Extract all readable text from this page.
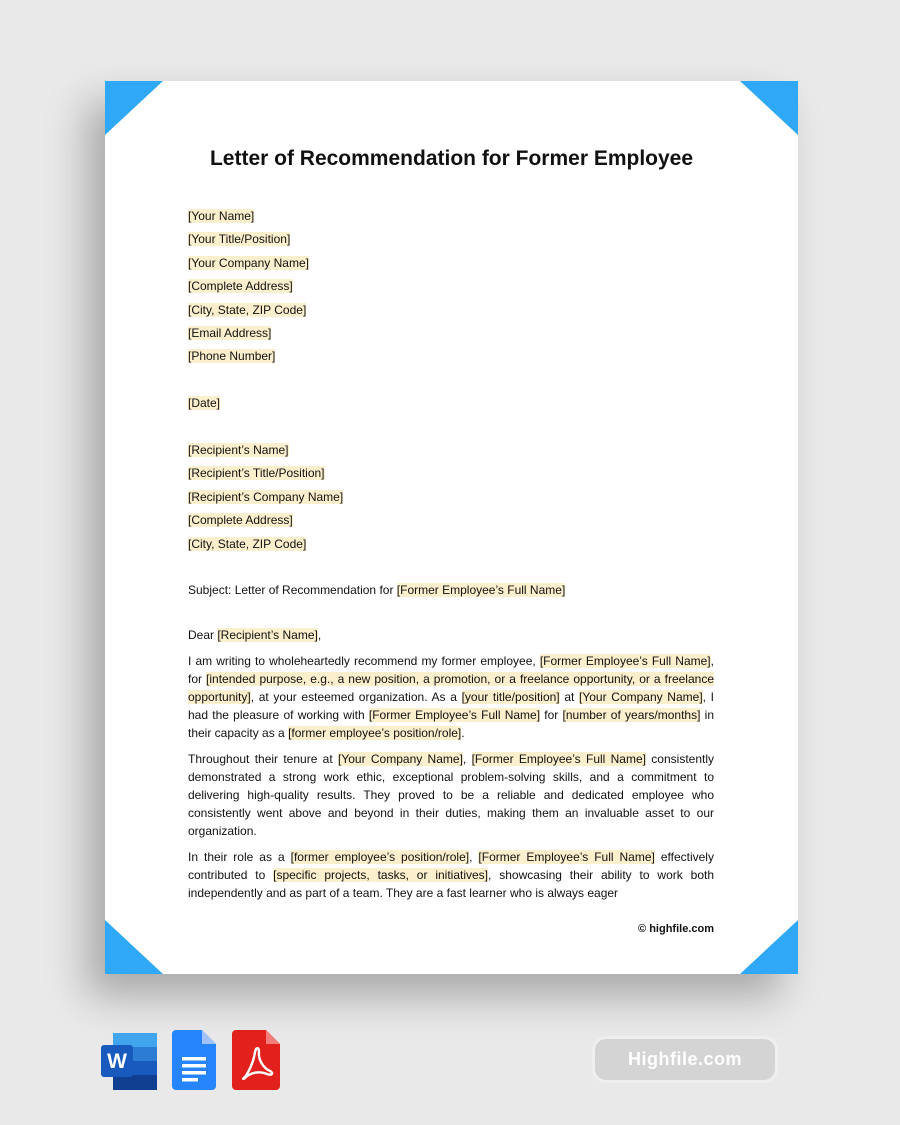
Letter of Recommendation for Former Employee
[Your Name]
[Your Title/Position]
[Your Company Name]
[Complete Address]
[City, State, ZIP Code]
[Email Address]
[Phone Number]
[Date]
[Recipient’s Name]
[Recipient’s Title/Position]
[Recipient’s Company Name]
[Complete Address]
[City, State, ZIP Code]
Subject: Letter of Recommendation for [Former Employee’s Full Name]
Dear [Recipient’s Name],

I am writing to wholeheartedly recommend my former employee, [Former Employee’s Full Name], for [intended purpose, e.g., a new position, a promotion, or a freelance opportunity, or a freelance opportunity], at your esteemed organization. As a [your title/position] at [Your Company Name], I had the pleasure of working with [Former Employee’s Full Name] for [number of years/months] in their capacity as a [former employee’s position/role].

Throughout their tenure at [Your Company Name], [Former Employee’s Full Name] consistently demonstrated a strong work ethic, exceptional problem-solving skills, and a commitment to delivering high-quality results. They proved to be a reliable and dedicated employee who consistently went above and beyond in their duties, making them an invaluable asset to our organization.

In their role as a [former employee’s position/role], [Former Employee’s Full Name] effectively contributed to [specific projects, tasks, or initiatives], showcasing their ability to work both independently and as part of a team. They are a fast learner who is always eager

© highfile.com
W	Highfile.com
